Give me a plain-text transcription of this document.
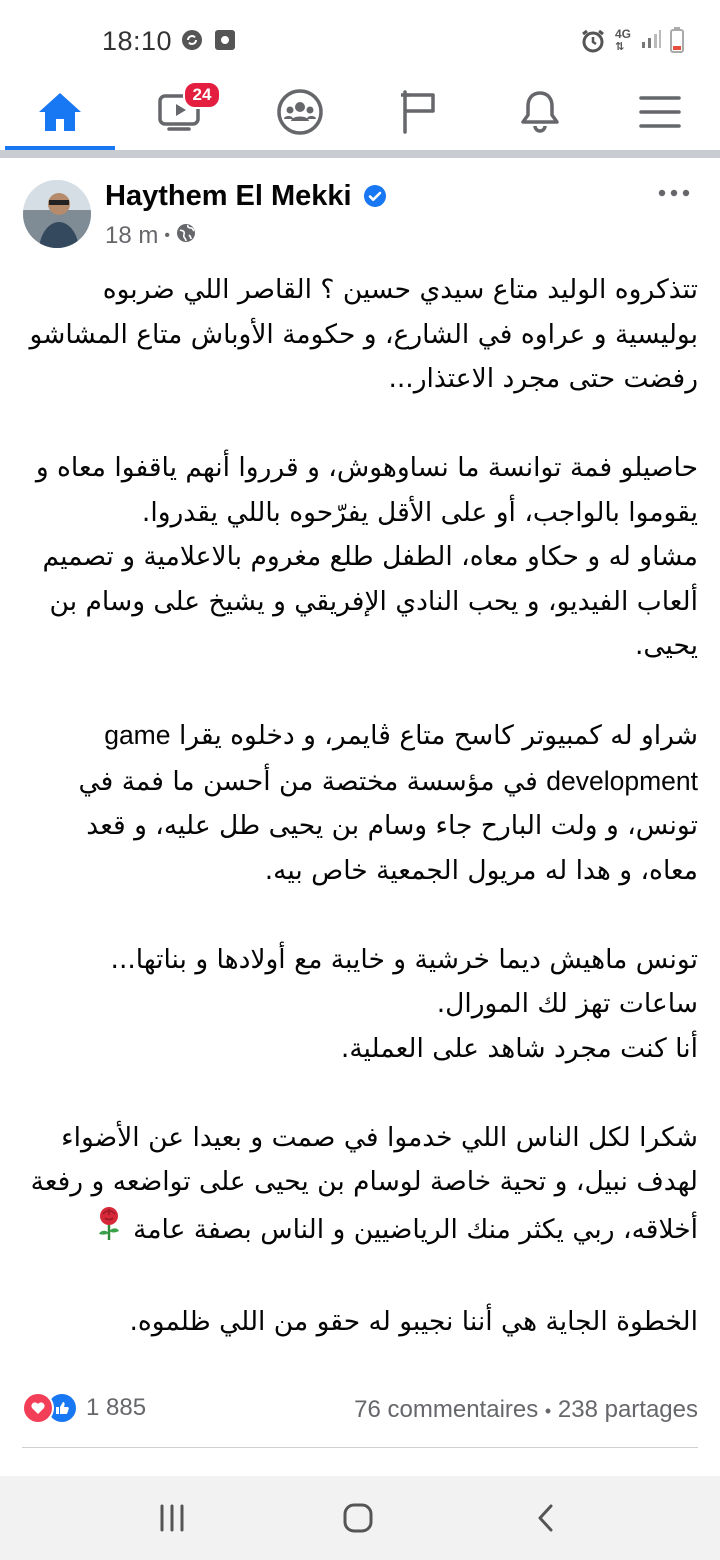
18:10	4G
⇅
24
Haythem El Mekki
18 m •

تتذكروه الوليد متاع سيدي حسين ؟ القاصر اللي ضربوه بوليسية و عراوه في الشارع، و حكومة الأوباش متاع المشاشو رفضت حتى مجرد الاعتذار...

حاصيلو فمة توانسة ما نساوهوش، و قرروا أنهم ياقفوا معاه و يقوموا بالواجب، أو على الأقل يفرّحوه باللي يقدروا.
مشاو له و حكاو معاه، الطفل طلع مغروم بالاعلامية و تصميم ألعاب الفيديو، و يحب النادي الإفريقي و يشيخ على وسام بن يحيى.

شراو له كمبيوتر كاسح متاع ڨايمر، و دخلوه يقرا game development في مؤسسة مختصة من أحسن ما فمة في تونس، و ولت البارح جاء وسام بن يحيى طل عليه، و قعد معاه، و هدا له مريول الجمعية خاص بيه.

تونس ماهيش ديما خرشية و خايبة مع أولادها و بناتها...
ساعات تهز لك المورال.
أنا كنت مجرد شاهد على العملية.

شكرا لكل الناس اللي خدموا في صمت و بعيدا عن الأضواء لهدف نبيل، و تحية خاصة لوسام بن يحيى على تواضعه و رفعة أخلاقه، ربي يكثر منك الرياضيين و الناس بصفة عامة

الخطوة الجاية هي أننا نجيبو له حقو من اللي ظلموه.

1 885	76 commentaires • 238 partages
